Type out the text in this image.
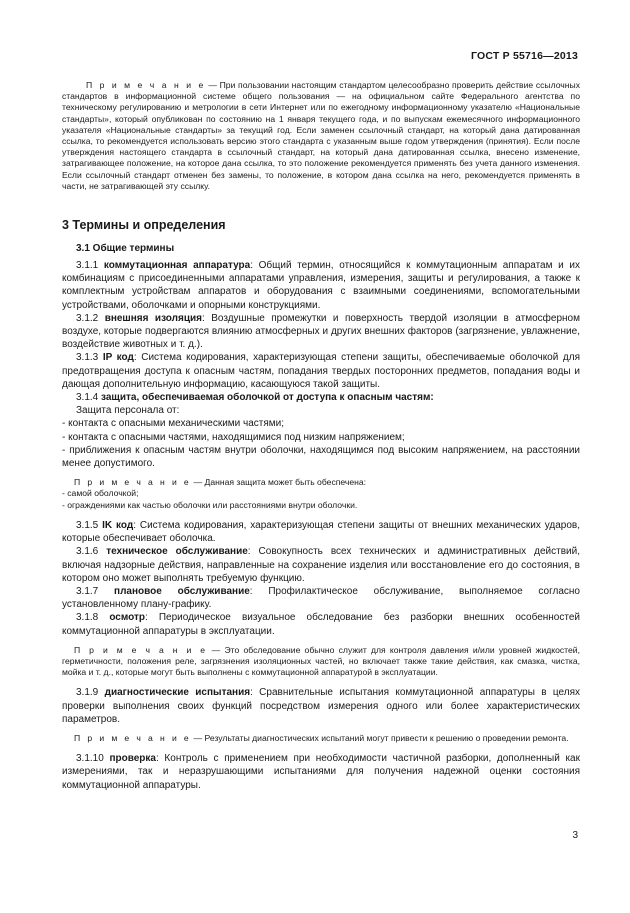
ГОСТ Р 55716—2013

П р и м е ч а н и е — При пользовании настоящим стандартом целесообразно проверить действие ссылочных стандартов в информационной системе общего пользования — на официальном сайте Федерального агентства по техническому регулированию и метрологии в сети Интернет или по ежегодному информационному указателю «Национальные стандарты», который опубликован по состоянию на 1 января текущего года, и по выпускам ежемесячного информационного указателя «Национальные стандарты» за текущий год. Если заменен ссылочный стандарт, на который дана датированная ссылка, то рекомендуется использовать версию этого стандарта с указанным выше годом утверждения (принятия). Если после утверждения настоящего стандарта в ссылочный стандарт, на который дана датированная ссылка, внесено изменение, затрагивающее положение, на которое дана ссылка, то это положение рекомендуется применять без учета данного изменения. Если ссылочный стандарт отменен без замены, то положение, в котором дана ссылка на него, рекомендуется применять в части, не затрагивающей эту ссылку.

3 Термины и определения
3.1 Общие термины

3.1.1 коммутационная аппаратура: Общий термин, относящийся к коммутационным аппаратам и их комбинациям с присоединенными аппаратами управления, измерения, защиты и регулирования, а также к комплектным устройствам аппаратов и оборудования с взаимными соединениями, вспомогательными устройствами, оболочками и опорными конструкциями.

3.1.2 внешняя изоляция: Воздушные промежутки и поверхность твердой изоляции в атмосферном воздухе, которые подвергаются влиянию атмосферных и других внешних факторов (загрязнение, увлажнение, воздействие животных и т. д.).

3.1.3 IP код: Система кодирования, характеризующая степени защиты, обеспечиваемые оболочкой для предотвращения доступа к опасным частям, попадания твердых посторонних предметов, попадания воды и дающая дополнительную информацию, касающуюся такой защиты.

3.1.4 защита, обеспечиваемая оболочкой от доступа к опасным частям:

Защита персонала от:

- контакта с опасными механическими частями;

- контакта с опасными частями, находящимися под низким напряжением;

- приближения к опасным частям внутри оболочки, находящимся под высоким напряжением, на расстоянии менее допустимого.

П р и м е ч а н и е — Данная защита может быть обеспечена:

- самой оболочкой;

- ограждениями как частью оболочки или расстояниями внутри оболочки.

3.1.5 IK код: Система кодирования, характеризующая степени защиты от внешних механических ударов, которые обеспечивает оболочка.

3.1.6 техническое обслуживание: Совокупность всех технических и административных действий, включая надзорные действия, направленные на сохранение изделия или восстановление его до состояния, в котором оно может выполнять требуемую функцию.

3.1.7 плановое обслуживание: Профилактическое обслуживание, выполняемое согласно установленному плану-графику.

3.1.8 осмотр: Периодическое визуальное обследование без разборки внешних особенностей коммутационной аппаратуры в эксплуатации.

П р и м е ч а н и е — Это обследование обычно служит для контроля давления и/или уровней жидкостей, герметичности, положения реле, загрязнения изоляционных частей, но включает также такие действия, как смазка, чистка, мойка и т. д., которые могут быть выполнены с коммутационной аппаратурой в эксплуатации.

3.1.9 диагностические испытания: Сравнительные испытания коммутационной аппаратуры в целях проверки выполнения своих функций посредством измерения одного или более характеристических параметров.

П р и м е ч а н и е — Результаты диагностических испытаний могут привести к решению о проведении ремонта.

3.1.10 проверка: Контроль с применением при необходимости частичной разборки, дополненный как измерениями, так и неразрушающими испытаниями для получения надежной оценки состояния коммутационной аппаратуры.

3
